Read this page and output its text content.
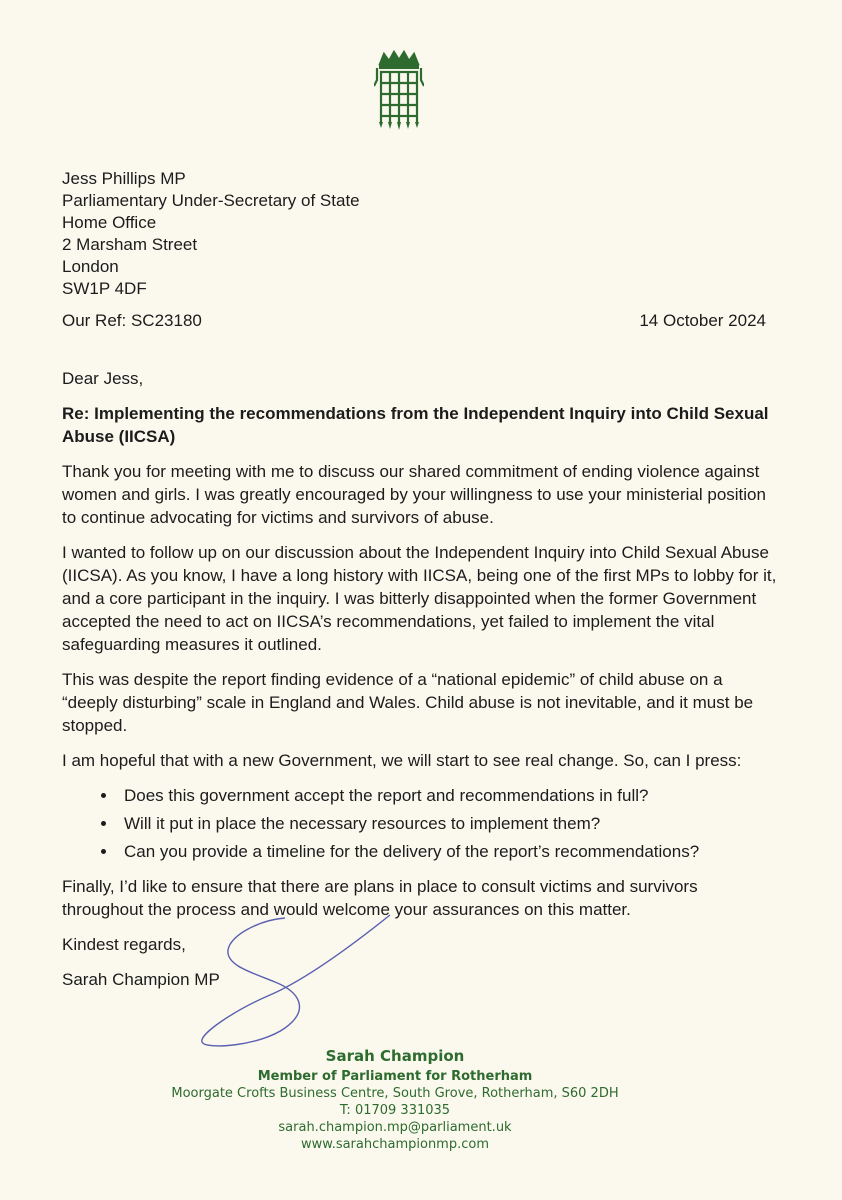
Jess Phillips MP
Parliamentary Under-Secretary of State
Home Office
2 Marsham Street
London
SW1P 4DF
Our Ref: SC23180	14 October 2024
Dear Jess,
Re: Implementing the recommendations from the Independent Inquiry into Child Sexual Abuse (IICSA)

Thank you for meeting with me to discuss our shared commitment of ending violence against women and girls. I was greatly encouraged by your willingness to use your ministerial position to continue advocating for victims and survivors of abuse.

I wanted to follow up on our discussion about the Independent Inquiry into Child Sexual Abuse (IICSA). As you know, I have a long history with IICSA, being one of the first MPs to lobby for it, and a core participant in the inquiry. I was bitterly disappointed when the former Government accepted the need to act on IICSA’s recommendations, yet failed to implement the vital safeguarding measures it outlined.

This was despite the report finding evidence of a “national epidemic” of child abuse on a “deeply disturbing” scale in England and Wales. Child abuse is not inevitable, and it must be stopped.

I am hopeful that with a new Government, we will start to see real change. So, can I press:

• Does this government accept the report and recommendations in full?
• Will it put in place the necessary resources to implement them?
• Can you provide a timeline for the delivery of the report’s recommendations?

Finally, I’d like to ensure that there are plans in place to consult victims and survivors throughout the process and would welcome your assurances on this matter.

Kindest regards,
Sarah Champion MP
Sarah Champion
Member of Parliament for Rotherham
Moorgate Crofts Business Centre, South Grove, Rotherham, S60 2DH
T: 01709 331035
sarah.champion.mp@parliament.uk
www.sarahchampionmp.com
